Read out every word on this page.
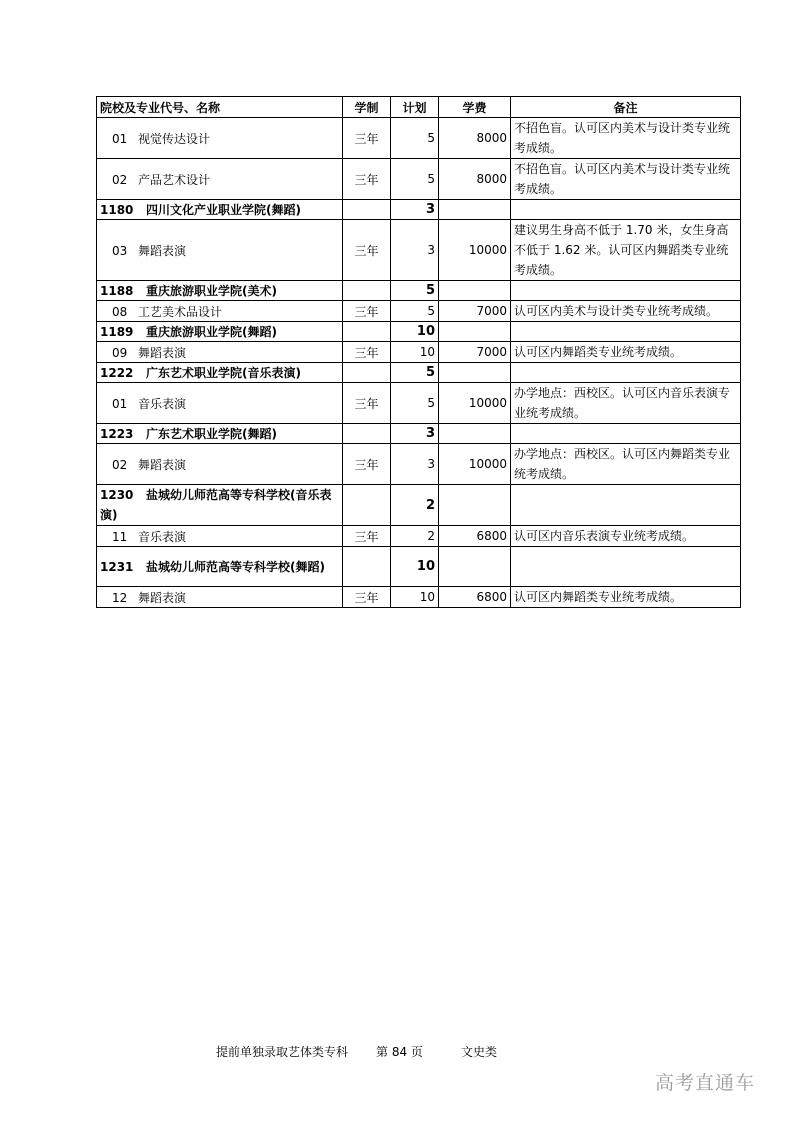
院校及专业代号、名称	学制	计划	学费	备注
01 视觉传达设计	三年	5	8000	不招色盲。认可区内美术与设计类专业统考成绩。
02 产品艺术设计	三年	5	8000	不招色盲。认可区内美术与设计类专业统考成绩。
1180 四川文化产业职业学院(舞蹈)		3		
03 舞蹈表演	三年	3	10000	建议男生身高不低于 1.70 米，女生身高不低于 1.62 米。认可区内舞蹈类专业统考成绩。
1188 重庆旅游职业学院(美术)		5		
08 工艺美术品设计	三年	5	7000	认可区内美术与设计类专业统考成绩。
1189 重庆旅游职业学院(舞蹈)		10		
09 舞蹈表演	三年	10	7000	认可区内舞蹈类专业统考成绩。
1222 广东艺术职业学院(音乐表演)		5		
01 音乐表演	三年	5	10000	办学地点：西校区。认可区内音乐表演专业统考成绩。
1223 广东艺术职业学院(舞蹈)		3		
02 舞蹈表演	三年	3	10000	办学地点：西校区。认可区内舞蹈类专业统考成绩。
1230 盐城幼儿师范高等专科学校(音乐表演)		2		
11 音乐表演	三年	2	6800	认可区内音乐表演专业统考成绩。
1231 盐城幼儿师范高等专科学校(舞蹈)		10		
12 舞蹈表演	三年	10	6800	认可区内舞蹈类专业统考成绩。
提前单独录取艺体类专科 第 84 页	文史类
高考直通车
